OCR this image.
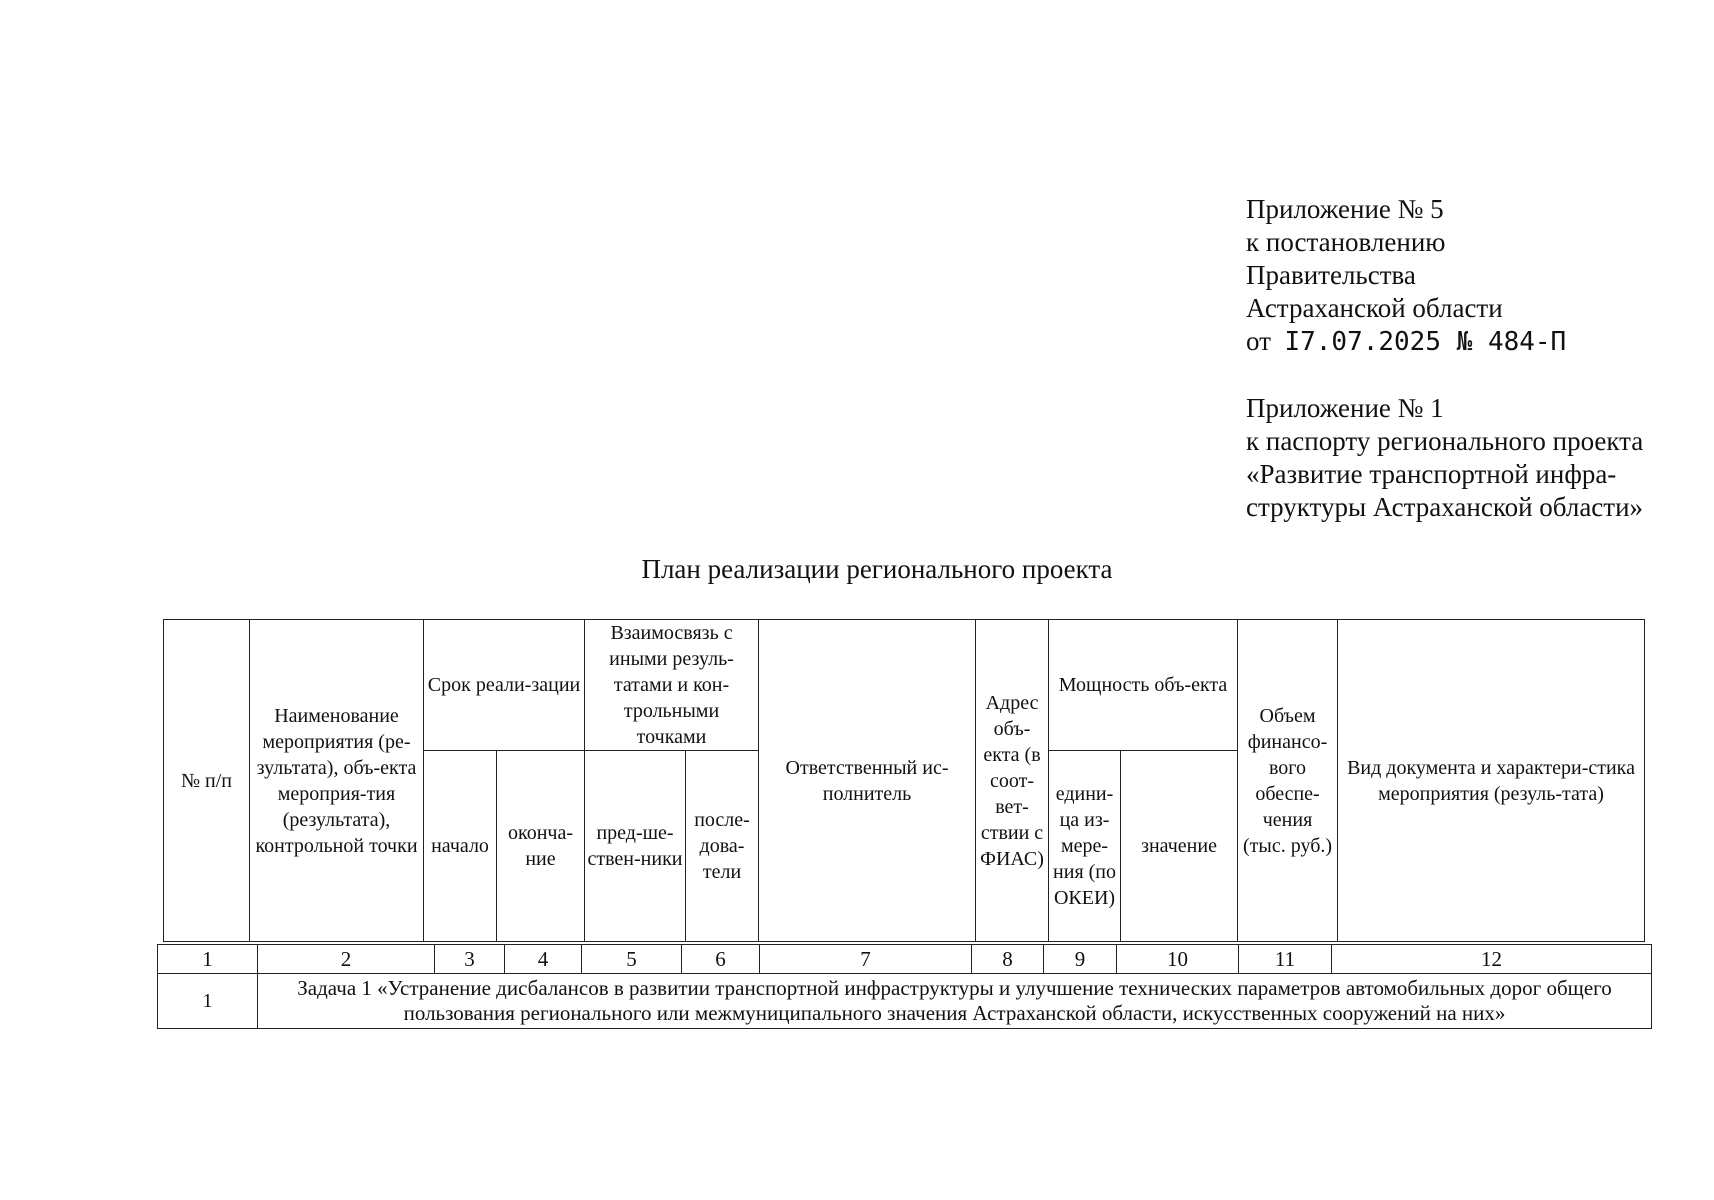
Приложение № 5
к постановлению
Правительства
Астраханской области
от I7.07.2025 № 484-П
Приложение № 1
к паспорту регионального проекта
«Развитие транспортной инфра-
структуры Астраханской области»
План реализации регионального проекта
№ п/п	Наименование мероприятия (ре-зультата), объ-екта мероприя-тия (результата), контрольной точки	Срок реали-зации		Взаимосвязь с иными резуль-татами и кон-трольными точками		Ответственный ис-полнитель	Адрес объ-екта (в соот-вет-ствии с ФИАС)	Мощность объ-екта		Объем финансо-вого обеспе-чения (тыс. руб.)	Вид документа и характери-стика мероприятия (резуль-тата)
		начало	оконча-ние	пред-ше-ствен-ники	после-дова-тели			едини-ца из-мере-ния (по ОКЕИ)	значение		
1	2	3	4	5	6	7	8	9	10	11	12
1	Задача 1 «Устранение дисбалансов в развитии транспортной инфраструктуры и улучшение технических параметров автомобильных дорог общего пользования регионального или межмуниципального значения Астраханской области, искусственных сооружений на них»										
